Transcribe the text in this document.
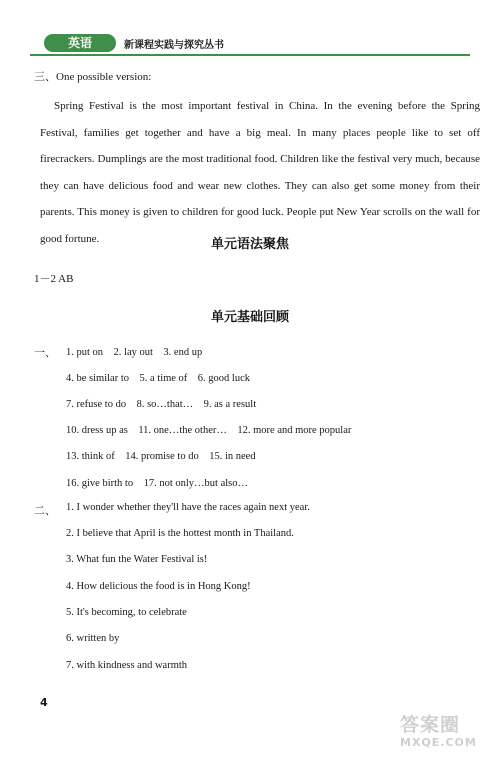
英语	新课程实践与探究丛书
三、One possible version:

Spring Festival is the most important festival in China. In the evening before the Spring Festival, families get together and have a big meal. In many places people like to set off firecrackers. Dumplings are the most traditional food. Children like the festival very much, because they can have delicious food and wear new clothes. They can also get some money from their parents. This money is given to children for good luck. People put New Year scrolls on the wall for good fortune.	单元语法聚焦
1－2 AB
单元基础回顾
一、 1. put on　2. lay out　3. end up
4. be similar to　5. a time of　6. good luck
7. refuse to do　8. so…that…　9. as a result
10. dress up as　11. one…the other…　12. more and more popular
13. think of　14. promise to do　15. in need
16. give birth to　17. not only…but also…
二、 1. I wonder whether they'll have the races again next year.
2. I believe that April is the hottest month in Thailand.
3. What fun the Water Festival is!
4. How delicious the food is in Hong Kong!
5. It's becoming, to celebrate
6. written by
7. with kindness and warmth
4
答案圈
MXQE.COM
